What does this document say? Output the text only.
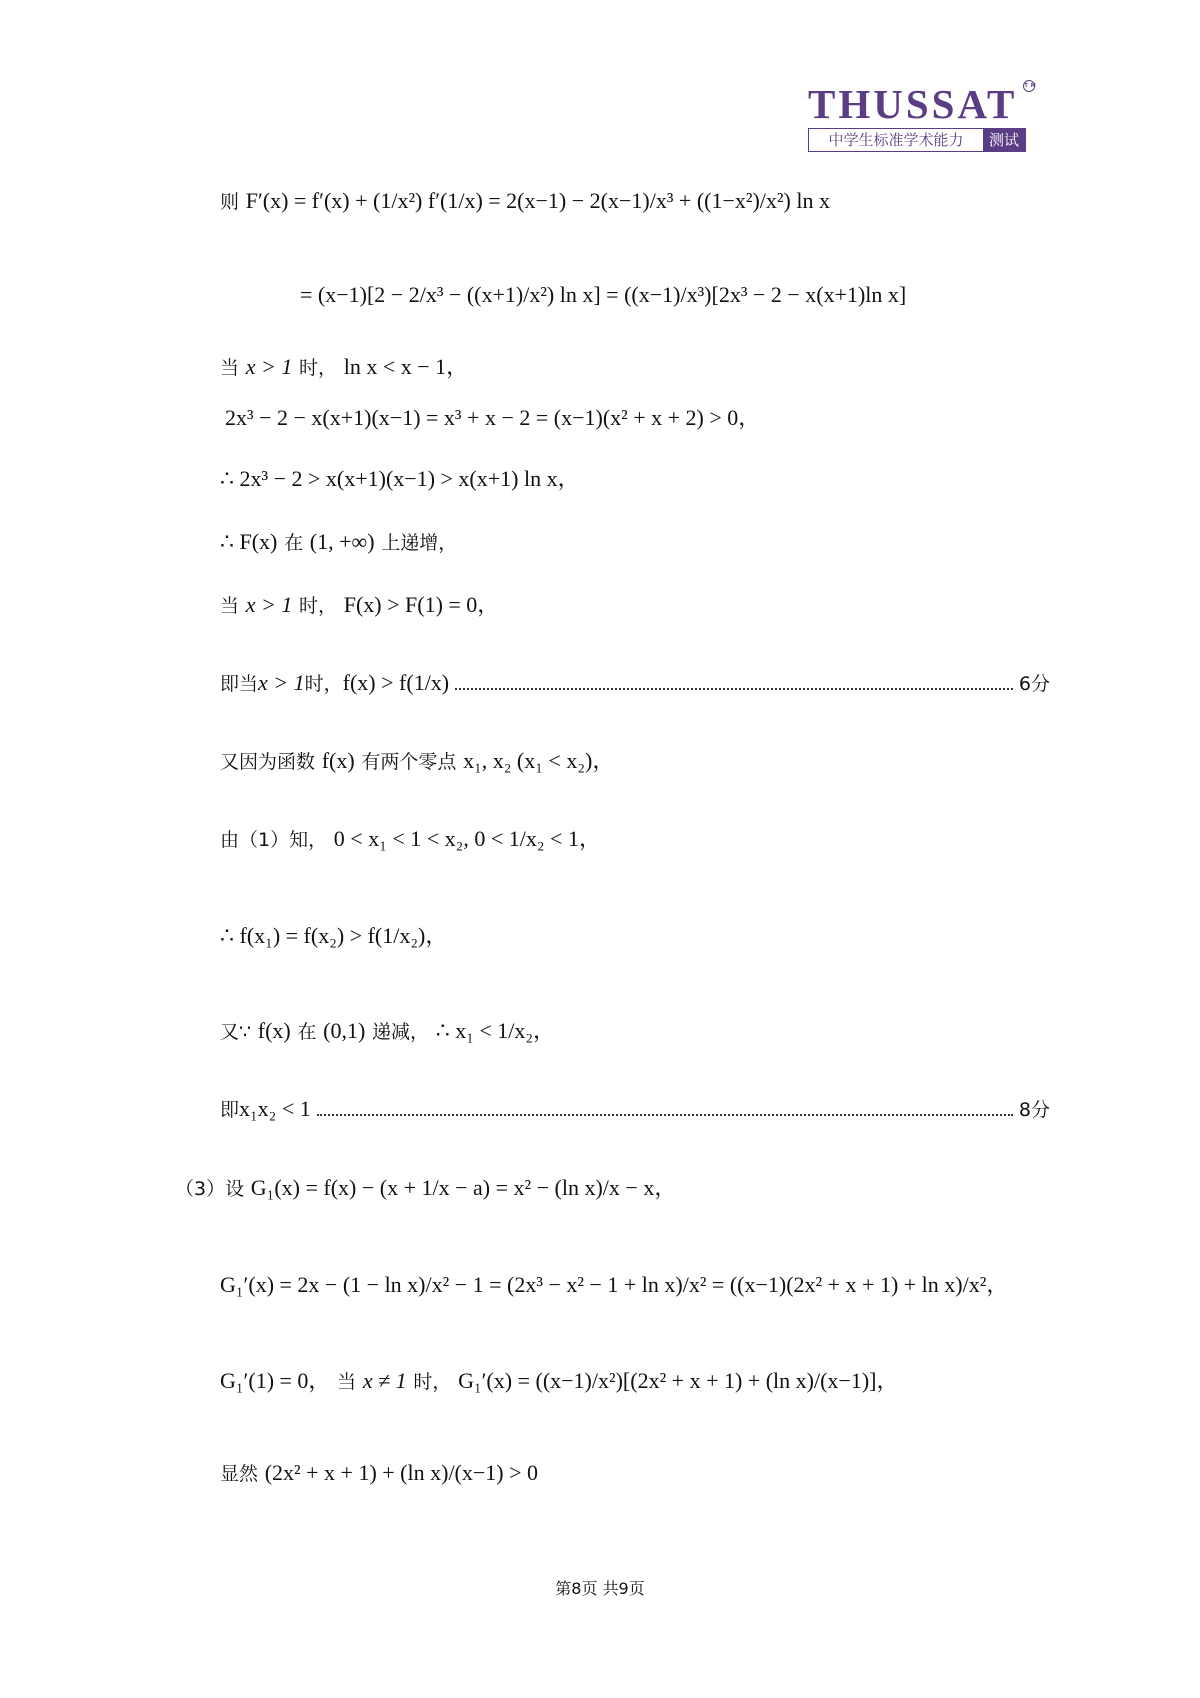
THUSSAT TM
中学生标准学术能力	测试
则 F′(x) = f′(x) + (1/x²) f′(1/x) = 2(x−1) − 2(x−1)/x³ + ((1−x²)/x²) ln x
= (x−1)[2 − 2/x³ − ((x+1)/x²) ln x] = ((x−1)/x³)[2x³ − 2 − x(x+1)ln x]
当 x > 1 时， ln x < x − 1，
2x³ − 2 − x(x+1)(x−1) = x³ + x − 2 = (x−1)(x² + x + 2) > 0，
∴ 2x³ − 2 > x(x+1)(x−1) > x(x+1) ln x，
∴ F(x) 在 (1, +∞) 上递增，
当 x > 1 时， F(x) > F(1) = 0，
即当 x > 1 时， f(x) > f(1/x)	6分
又因为函数 f(x) 有两个零点 x₁, x₂ (x₁ < x₂)，
由（1）知， 0 < x₁ < 1 < x₂, 0 < 1/x₂ < 1，
∴ f(x₁) = f(x₂) > f(1/x₂)，
又∵ f(x) 在 (0,1) 递减， ∴ x₁ < 1/x₂，
即 x₁x₂ < 1	8分
（3）设 G₁(x) = f(x) − (x + 1/x − a) = x² − (ln x)/x − x，
G₁′(x) = 2x − (1 − ln x)/x² − 1 = (2x³ − x² − 1 + ln x)/x² = ((x−1)(2x² + x + 1) + ln x)/x²，
G₁′(1) = 0， 当 x ≠ 1 时， G₁′(x) = ((x−1)/x²)[(2x² + x + 1) + (ln x)/(x−1)]，
显然 (2x² + x + 1) + (ln x)/(x−1) > 0
第8页 共9页
